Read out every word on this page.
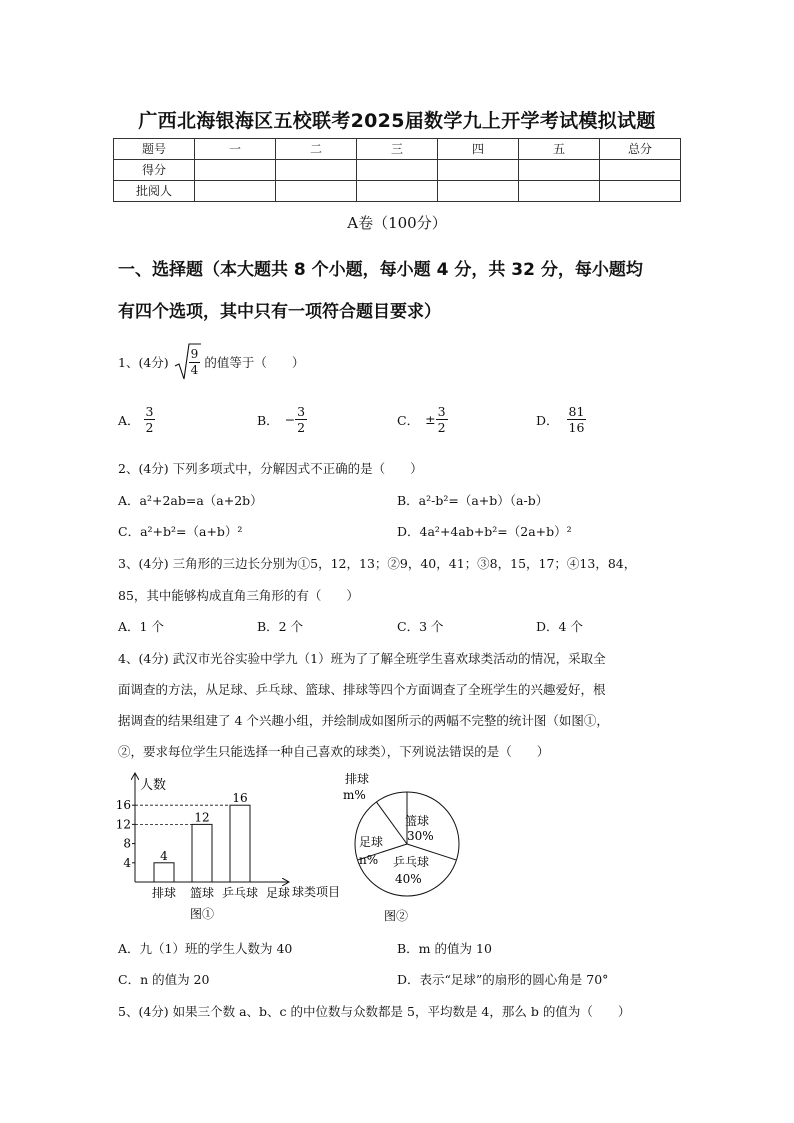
广西北海银海区五校联考2025届数学九上开学考试模拟试题
题号	一	二	三	四	五	总分
得分						
批阅人						
A卷（100分）
一、选择题（本大题共 8 个小题，每小题 4 分，共 32 分，每小题均
有四个选项，其中只有一项符合题目要求）
1、(4分) $\frac{9}{4}$ 的值等于（　　）
A． $\frac{3}{2}$	B． − $\frac{3}{2}$	C． ± $\frac{3}{2}$	D． $\frac{81}{16}$
2、(4分) 下列多项式中，分解因式不正确的是（　　）
A．a²+2ab=a（a+2b）	B．a²-b²=（a+b）（a-b）
C．a²+b²=（a+b）²	D．4a²+4ab+b²=（2a+b）²
3、(4分) 三角形的三边长分别为①5，12，13；②9，40，41；③8，15，17；④13，84，
85，其中能够构成直角三角形的有（　　）
A．1 个	B．2 个	C．3 个	D．4 个
4、(4分) 武汉市光谷实验中学九（1）班为了了解全班学生喜欢球类活动的情况，采取全
面调查的方法，从足球、乒乓球、篮球、排球等四个方面调查了全班学生的兴趣爱好，根
据调查的结果组建了 4 个兴趣小组，并绘制成如图所示的两幅不完整的统计图（如图①，
②，要求每位学生只能选择一种自己喜欢的球类），下列说法错误的是（　　）
人数
球类项目
4
8
12
16
4
12
16
排球 篮球 乒乓球 足球
图①
排球
m%
篮球
30%
足球
n% 乒乓球
40%
图②
A．九（1）班的学生人数为 40	B．m 的值为 10
C．n 的值为 20	D．表示“足球”的扇形的圆心角是 70°
5、(4分) 如果三个数 a、b、c 的中位数与众数都是 5，平均数是 4，那么 b 的值为（　　）
